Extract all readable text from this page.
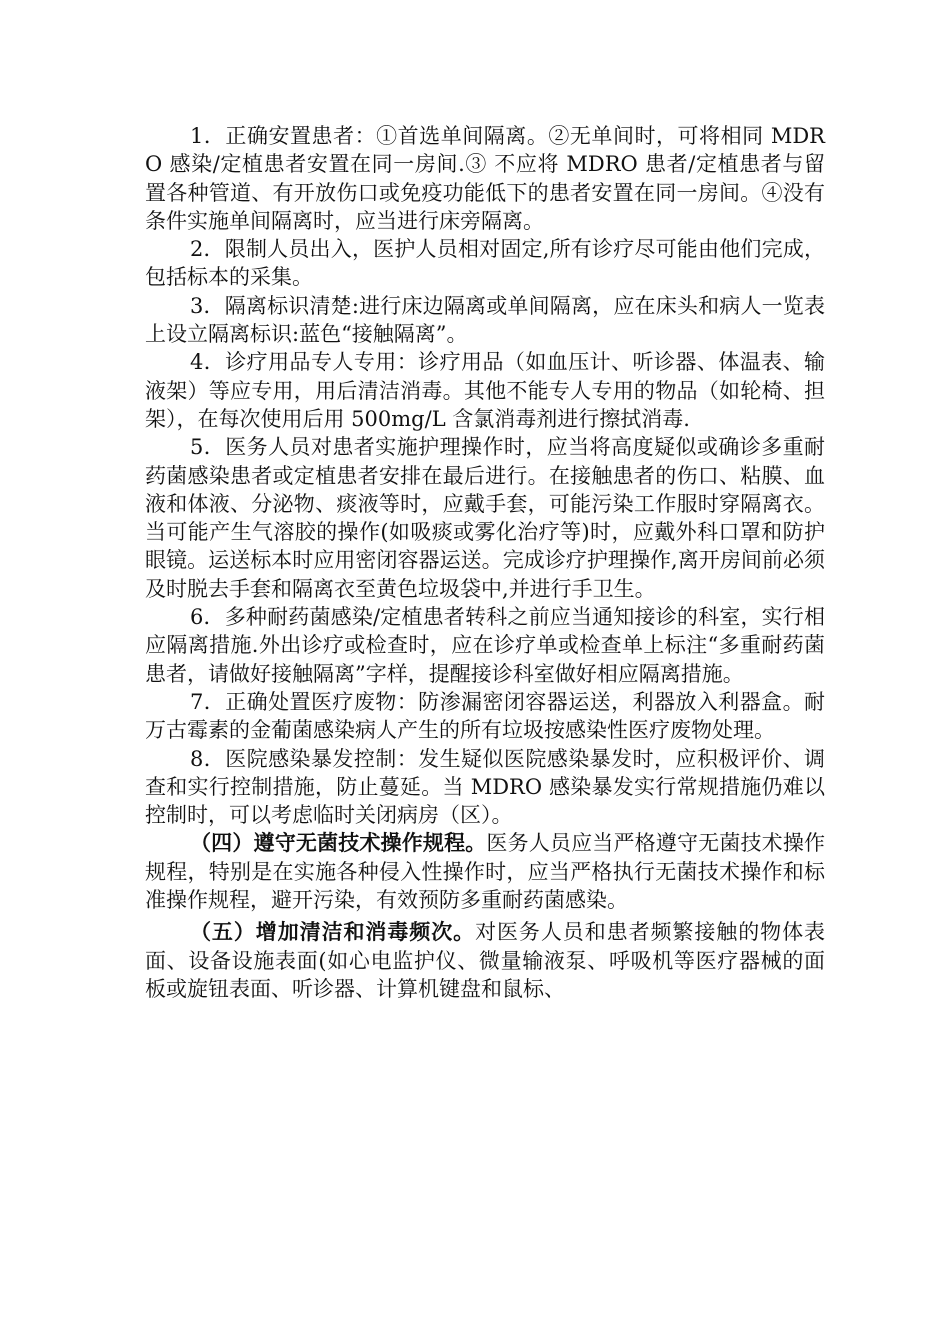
1．正确安置患者：①首选单间隔离。②无单间时，可将相同 MDRO 感染/定植患者安置在同一房间.③ 不应将 MDRO 患者/定植患者与留置各种管道、有开放伤口或免疫功能低下的患者安置在同一房间。④没有条件实施单间隔离时，应当进行床旁隔离。

2．限制人员出入，医护人员相对固定,所有诊疗尽可能由他们完成，包括标本的采集。

3．隔离标识清楚:进行床边隔离或单间隔离，应在床头和病人一览表上设立隔离标识:蓝色“接触隔离”。

4．诊疗用品专人专用：诊疗用品（如血压计、听诊器、体温表、输液架）等应专用，用后清洁消毒。其他不能专人专用的物品（如轮椅、担架），在每次使用后用 500mg/L 含氯消毒剂进行擦拭消毒.

5．医务人员对患者实施护理操作时，应当将高度疑似或确诊多重耐药菌感染患者或定植患者安排在最后进行。在接触患者的伤口、粘膜、血液和体液、分泌物、痰液等时，应戴手套，可能污染工作服时穿隔离衣。当可能产生气溶胶的操作(如吸痰或雾化治疗等)时，应戴外科口罩和防护眼镜。运送标本时应用密闭容器运送。完成诊疗护理操作,离开房间前必须及时脱去手套和隔离衣至黄色垃圾袋中,并进行手卫生。

6．多种耐药菌感染/定植患者转科之前应当通知接诊的科室，实行相应隔离措施.外出诊疗或检查时，应在诊疗单或检查单上标注“多重耐药菌患者，请做好接触隔离”字样，提醒接诊科室做好相应隔离措施。

7．正确处置医疗废物：防渗漏密闭容器运送，利器放入利器盒。耐万古霉素的金葡菌感染病人产生的所有垃圾按感染性医疗废物处理。

8．医院感染暴发控制：发生疑似医院感染暴发时，应积极评价、调查和实行控制措施，防止蔓延。当 MDRO 感染暴发实行常规措施仍难以控制时，可以考虑临时关闭病房（区）。

（四）遵守无菌技术操作规程。医务人员应当严格遵守无菌技术操作规程，特别是在实施各种侵入性操作时，应当严格执行无菌技术操作和标准操作规程，避开污染，有效预防多重耐药菌感染。

（五）增加清洁和消毒频次。对医务人员和患者频繁接触的物体表面、设备设施表面(如心电监护仪、微量输液泵、呼吸机等医疗器械的面板或旋钮表面、听诊器、计算机键盘和鼠标、
